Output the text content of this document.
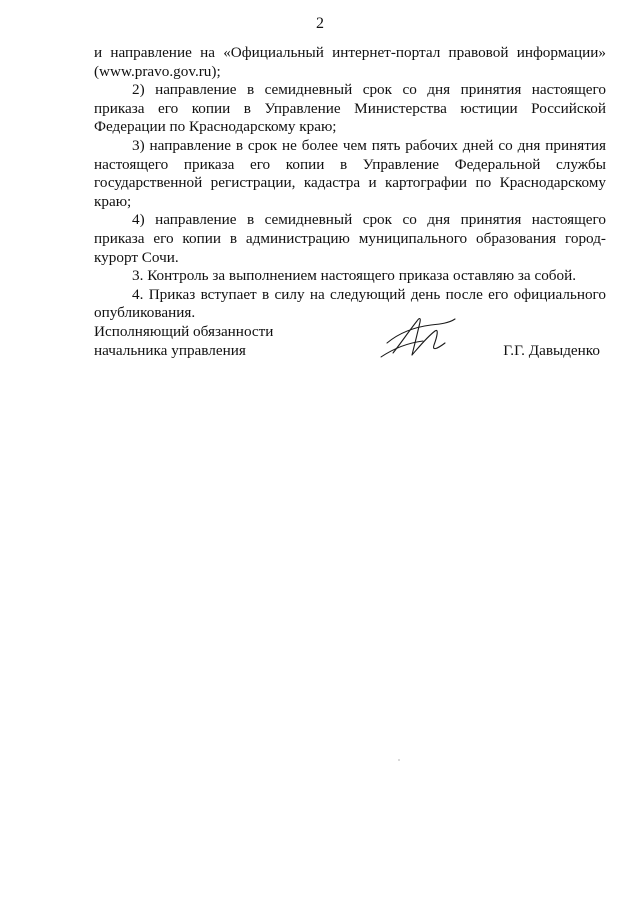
2

и направление на «Официальный интернет-портал правовой информации» (www.pravo.gov.ru);

2) направление в семидневный срок со дня принятия настоящего приказа его копии в Управление Министерства юстиции Российской Федерации по Краснодарскому краю;

3) направление в срок не более чем пять рабочих дней со дня принятия настоящего приказа его копии в Управление Федеральной службы государственной регистрации, кадастра и картографии по Краснодарскому краю;

4) направление в семидневный срок со дня принятия настоящего приказа его копии в администрацию муниципального образования город-курорт Сочи.

3. Контроль за выполнением настоящего приказа оставляю за собой.

4. Приказ вступает в силу на следующий день после его официального опубликования.

Исполняющий обязанности
начальника управления	Г.Г. Давыденко
